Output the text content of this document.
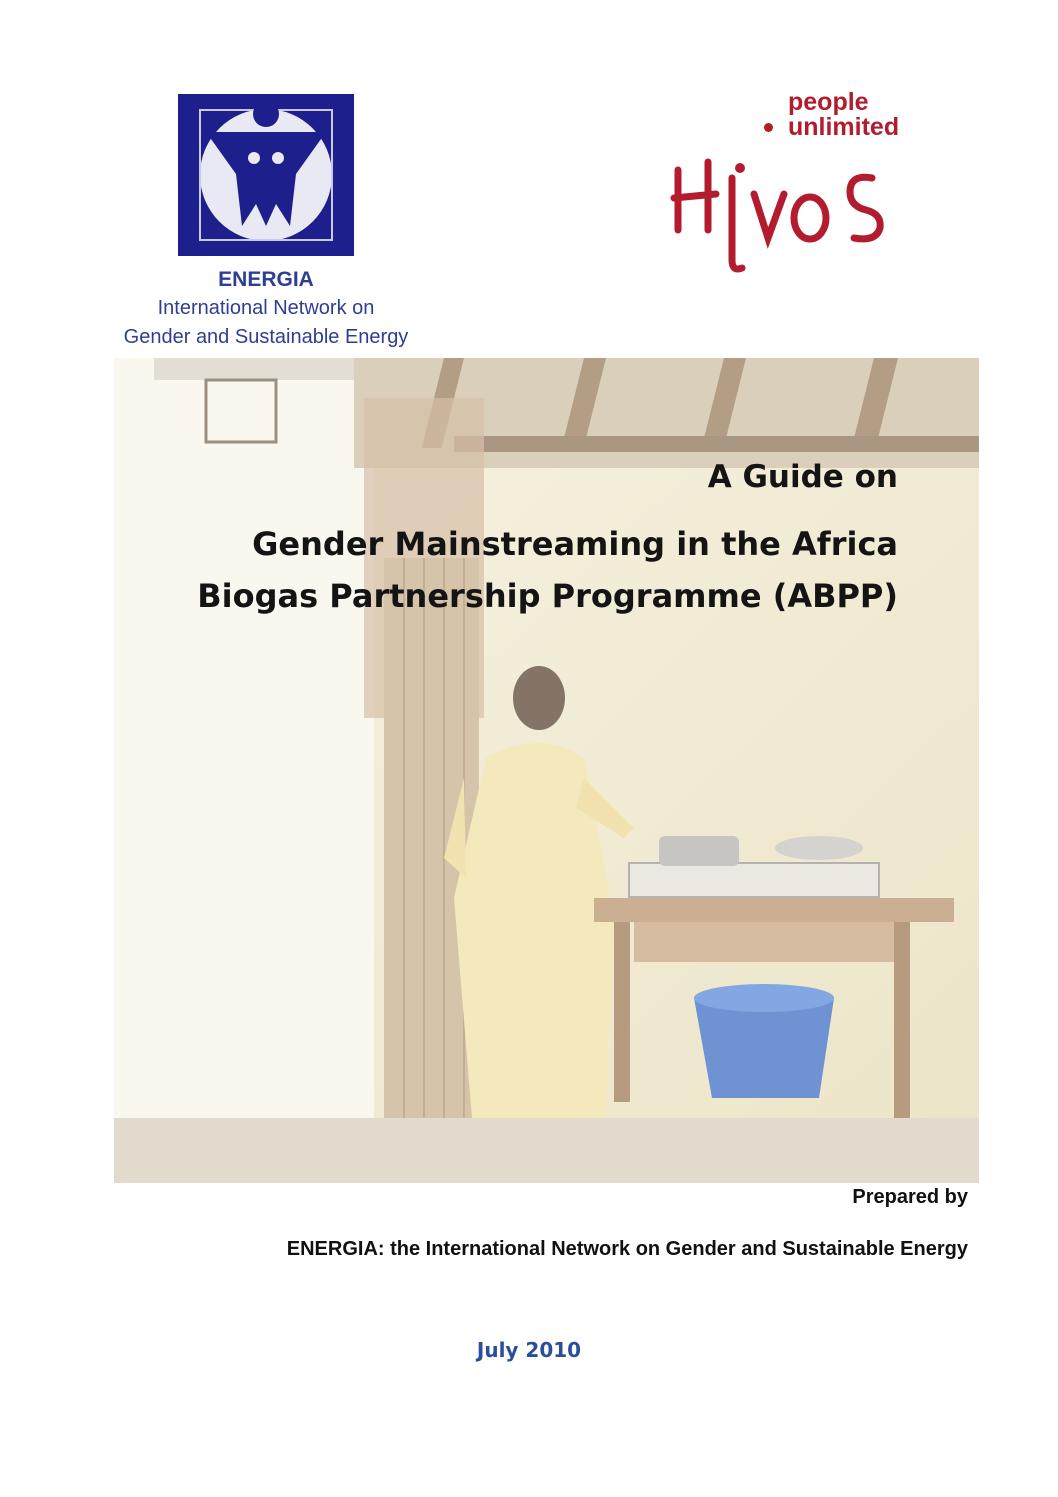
ENERGIA
International Network on
Gender and Sustainable Energy
people
unlimited
A Guide on
Gender Mainstreaming in the Africa
Biogas Partnership Programme (ABPP)
Prepared by
ENERGIA: the International Network on Gender and Sustainable Energy
July 2010
